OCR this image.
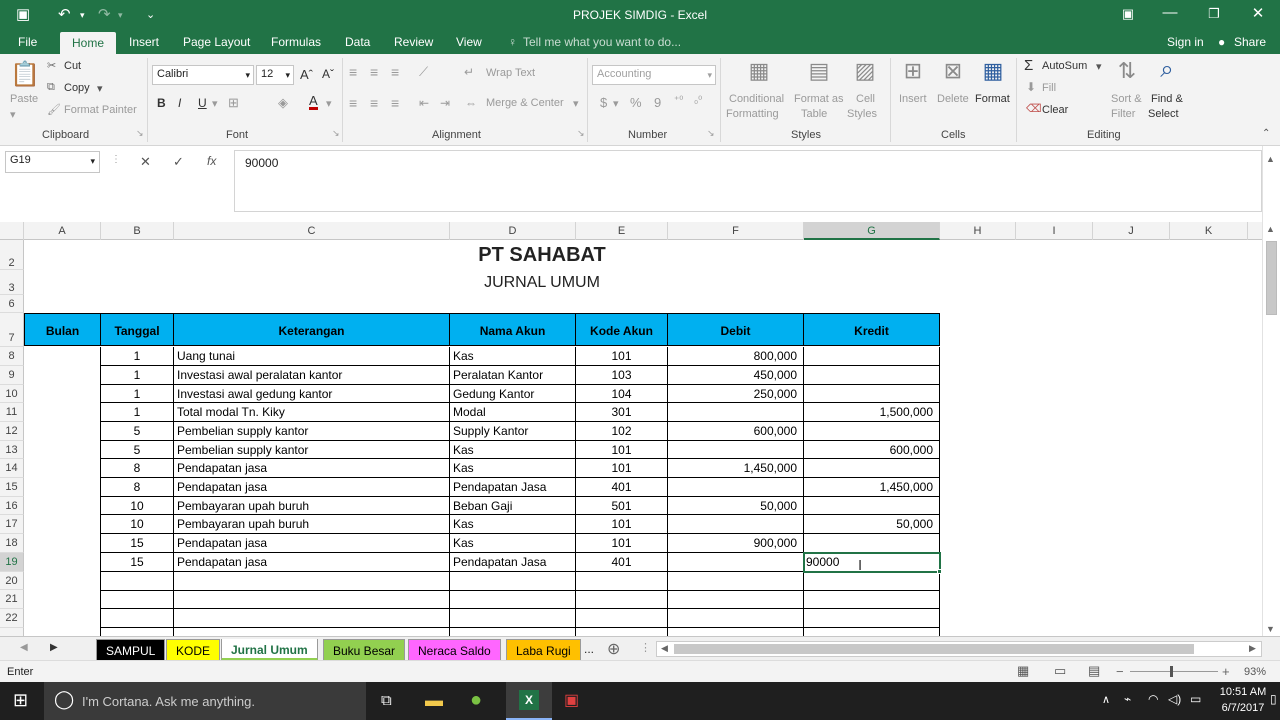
▣ ↶ ▾ ↷ ▾ ⌄	PROJEK SIMDIG - Excel	▣	—	❐	✕
File	Home	Insert Page Layout Formulas Data Review View ♀ Tell me what you want to do...	Sign in ● Share
📋
Paste
▾
✂ Cut
⧉ Copy ▾
🖌 Format Painter
Clipboard	↘
Calibri	▾	12 ▾ Aˆ Aˇ
B I U ▾ ⊞	◈ A ▾
Font	↘
≡ ≡ ≡ ⟋	↵ Wrap Text
≡ ≡ ≡ ⇤ ⇥ ⇔ Merge & Center ▾
Alignment	↘
Accounting	▾
$ ▾ % 9 ⁺⁰ ₀⁰
Number	↘
▦
Conditional
Formatting
▤
Format as
Table
▨
Cell
Styles
Styles
⊞
Insert
⊠
Delete
▦
Format
Cells
Σ AutoSum ▾
⬇ Fill
⌫ Clear
⇅
Sort &
Filter
⌕
Find &
Select
Editing	⌃
G19	▾ ⋮ ✕ ✓ fx	90000
A	B	C	D	E	F	G	H	I	J	K
2
3
6
7
8
9
10
11
12
13
14
15
16
17
18
19
20
21
22
PT SAHABAT
JURNAL UMUM
Bulan	Tanggal	Keterangan	Nama Akun	Kode Akun	Debit	Kredit
1	Uang tunai	Kas	101	800,000
1	Investasi awal peralatan kantor	Peralatan Kantor	103	450,000
1	Investasi awal gedung kantor	Gedung Kantor	104	250,000
1	Total modal Tn. Kiky	Modal	301	1,500,000
5	Pembelian supply kantor	Supply Kantor	102	600,000
5	Pembelian supply kantor	Kas	101	600,000
8	Pendapatan jasa	Kas	101	1,450,000
8	Pendapatan jasa	Pendapatan Jasa	401	1,450,000
10	Pembayaran upah buruh	Beban Gaji	501	50,000
10	Pembayaran upah buruh	Kas	101	50,000
15	Pendapatan jasa	Kas	101	900,000
15	Pendapatan jasa	Pendapatan Jasa	401	90000	Ⅰ
▲
▲
▼
◀ ▶	SAMPUL	KODE	Jurnal Umum	Buku Besar	Neraca Saldo	Laba Rugi	... ⊕ ⋮ ◀	▶
Enter	▦ ▭ ▤ −	+ 93%
⊞ ◯ I'm Cortana. Ask me anything.	⧉ ▬ ●	X	▣	∧ ⌁ ◠ ◁) ▭	10:51 AM
6/7/2017
▯
